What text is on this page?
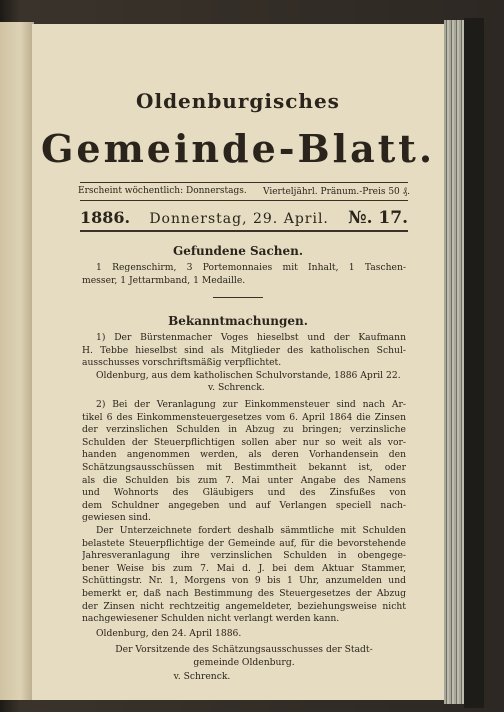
Oldenburgisches
Gemeinde-Blatt.
Erscheint wöchentlich: Donnerstags. Vierteljährl. Pränum.-Preis 50 ₰.
1886. Donnerstag, 29. April. №. 17.
Gefundene Sachen.
1 Regenschirm, 3 Portemonnaies mit Inhalt, 1 Taschen-
messer, 1 Jettarmband, 1 Medaille.
Bekanntmachungen.
1) Der Bürstenmacher Voges hieselbst und der Kaufmann
H. Tebbe hieselbst sind als Mitglieder des katholischen Schul-
ausschusses vorschriftsmäßig verpflichtet.
Oldenburg, aus dem katholischen Schulvorstande, 1886 April 22.
v. Schrenck.
2) Bei der Veranlagung zur Einkommensteuer sind nach Ar-
tikel 6 des Einkommensteuergesetzes vom 6. April 1864 die Zinsen
der verzinslichen Schulden in Abzug zu bringen; verzinsliche
Schulden der Steuerpflichtigen sollen aber nur so weit als vor-
handen angenommen werden, als deren Vorhandensein den
Schätzungsausschüssen mit Bestimmtheit bekannt ist, oder
als die Schulden bis zum 7. Mai unter Angabe des Namens
und Wohnorts des Gläubigers und des Zinsfußes von
dem Schuldner angegeben und auf Verlangen speciell nach-
gewiesen sind.
Der Unterzeichnete fordert deshalb sämmtliche mit Schulden
belastete Steuerpflichtige der Gemeinde auf, für die bevorstehende
Jahresveranlagung ihre verzinslichen Schulden in obengege-
bener Weise bis zum 7. Mai d. J. bei dem Aktuar Stammer,
Schüttingstr. Nr. 1, Morgens von 9 bis 1 Uhr, anzumelden und
bemerkt er, daß nach Bestimmung des Steuergesetzes der Abzug
der Zinsen nicht rechtzeitig angemeldeter, beziehungsweise nicht
nachgewiesener Schulden nicht verlangt werden kann.
Oldenburg, den 24. April 1886.
Der Vorsitzende des Schätzungsausschusses der Stadt-
gemeinde Oldenburg.
v. Schrenck.
